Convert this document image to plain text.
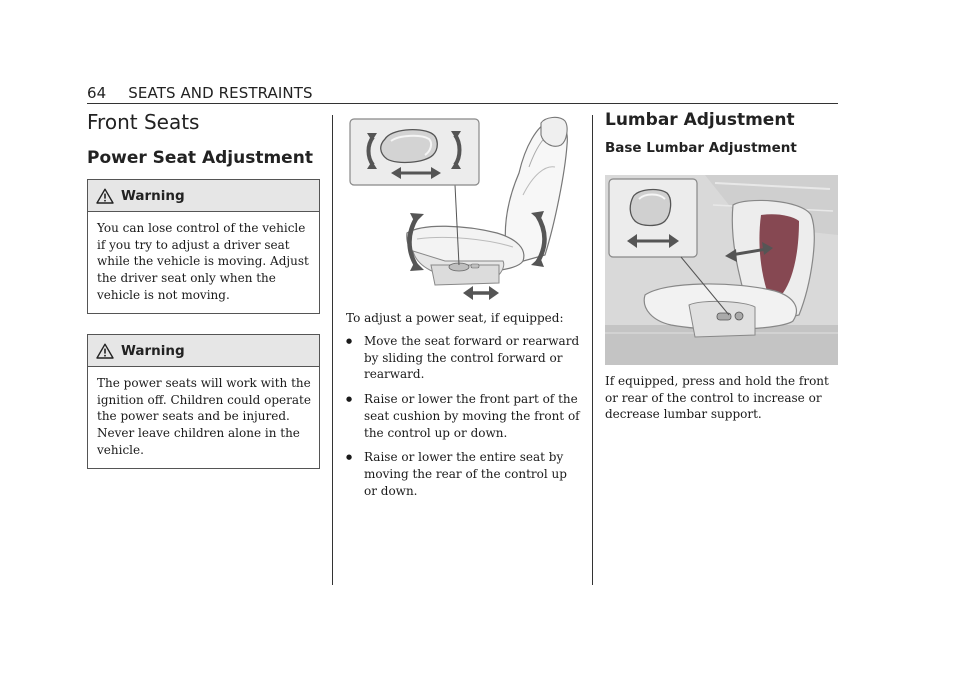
64 SEATS AND RESTRAINTS
Front Seats
Power Seat Adjustment
Warning
You can lose control of the vehicle if you try to adjust a driver seat while the vehicle is moving. Adjust the driver seat only when the vehicle is not moving.
Warning
The power seats will work with the ignition off. Children could operate the power seats and be injured. Never leave children alone in the vehicle.
To adjust a power seat, if equipped:
● Move the seat forward or rearward by sliding the control forward or rearward.
● Raise or lower the front part of the seat cushion by moving the front of the control up or down.
● Raise or lower the entire seat by moving the rear of the control up or down.
Lumbar Adjustment
Base Lumbar Adjustment
If equipped, press and hold the front or rear of the control to increase or decrease lumbar support.
